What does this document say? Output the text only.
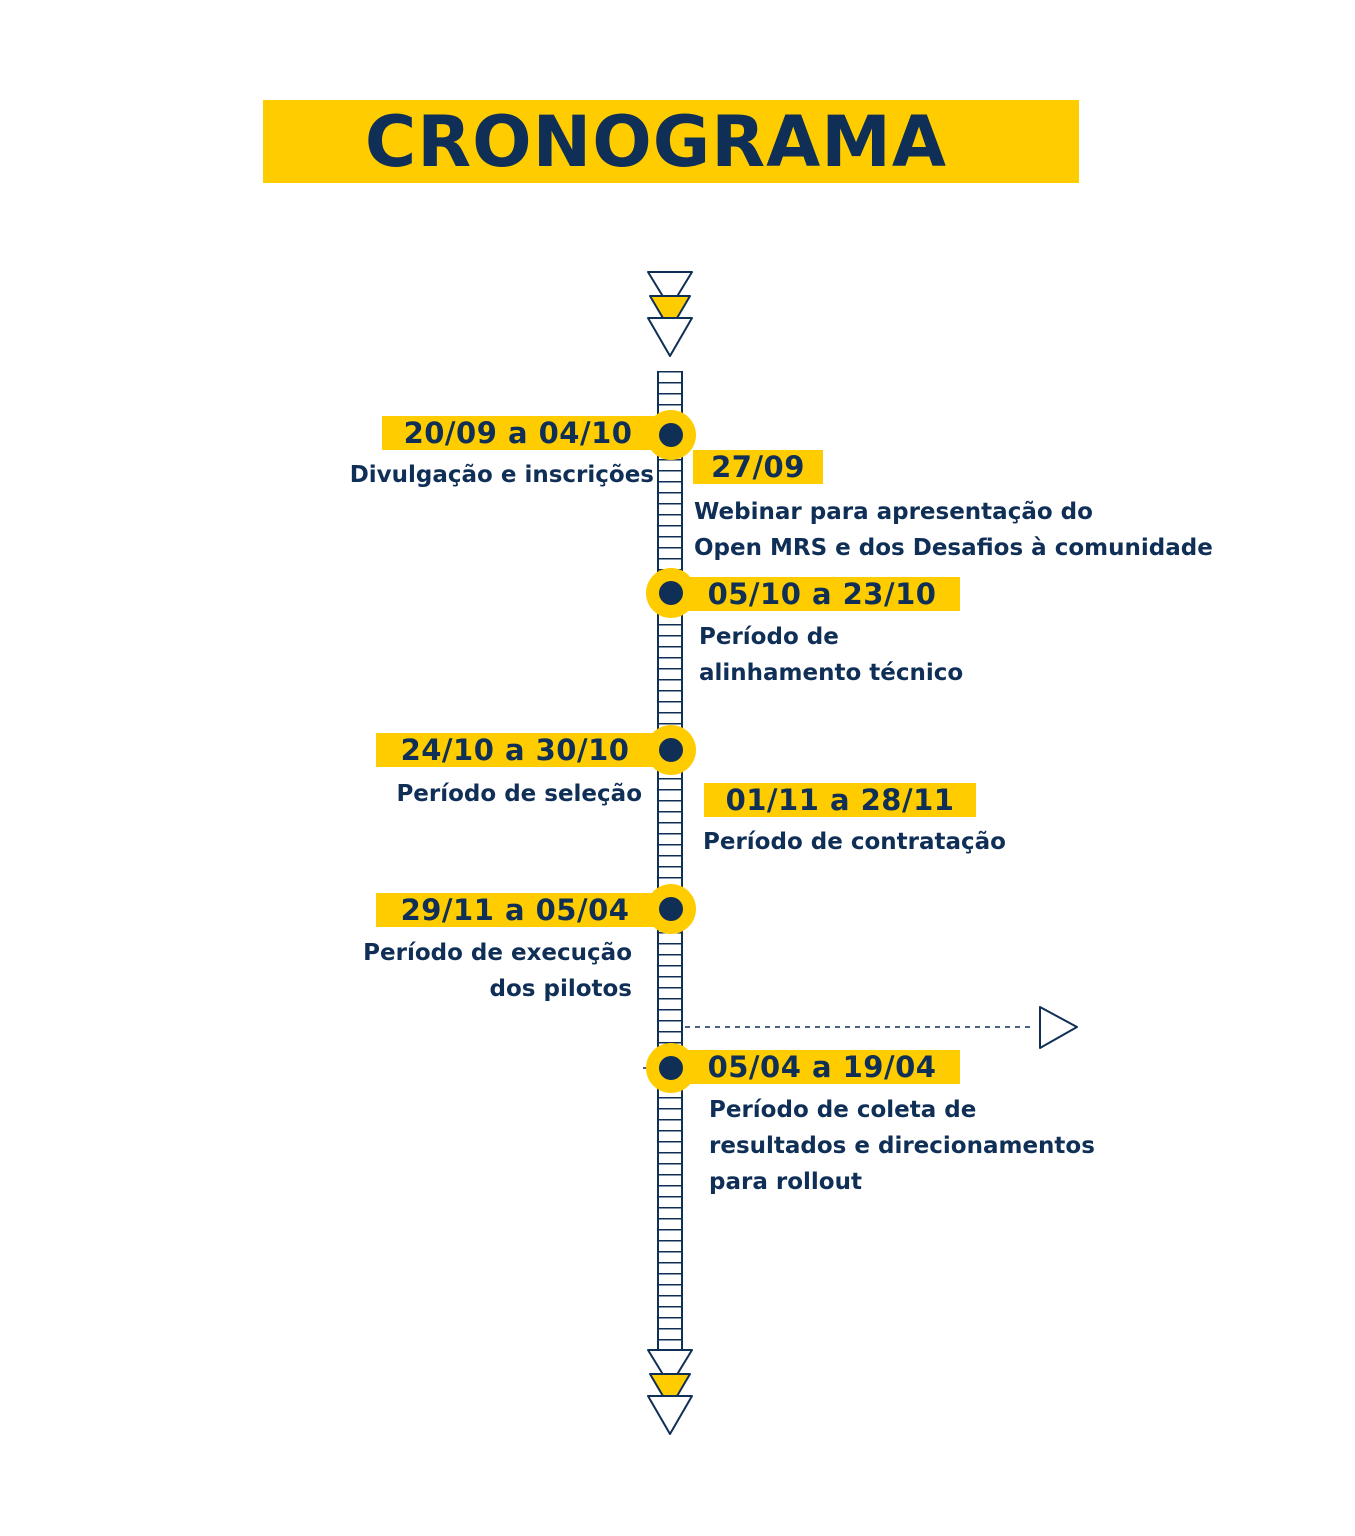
CRONOGRAMA
20/09 a 04/10
Divulgação e inscrições	27/09
Webinar para apresentação do
Open MRS e dos Desafios à comunidade
05/10 a 23/10
Período de
alinhamento técnico
24/10 a 30/10
Período de seleção	01/11 a 28/11
Período de contratação
29/11 a 05/04
Período de execução
dos pilotos
05/04 a 19/04
Período de coleta de
resultados e direcionamentos
para rollout
